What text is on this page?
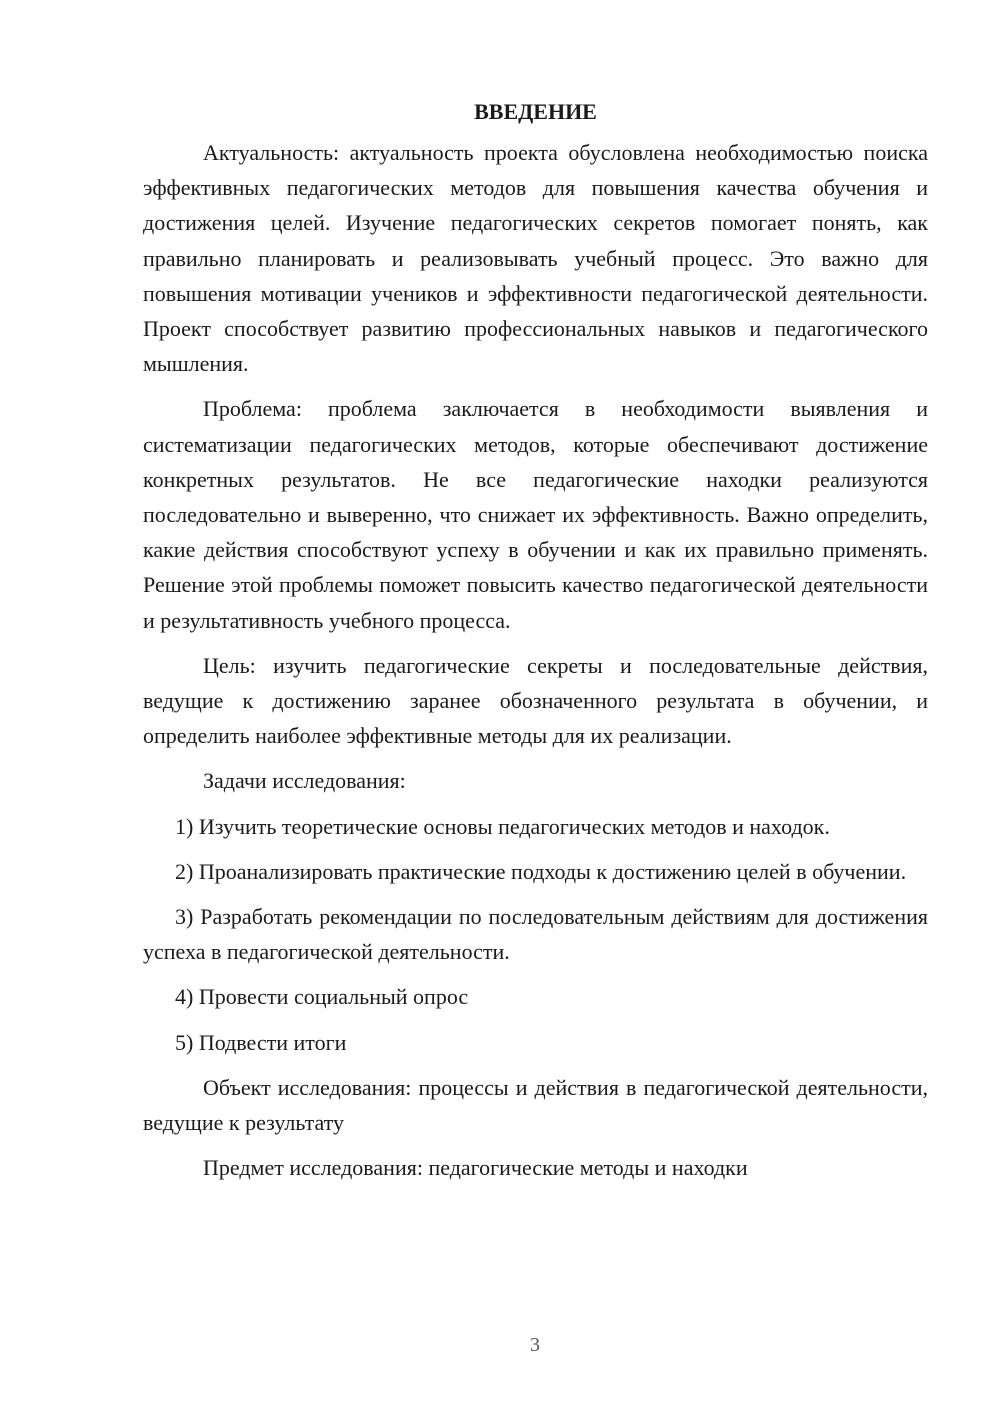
ВВЕДЕНИЕ

Актуальность: актуальность проекта обусловлена необходимостью поиска эффективных педагогических методов для повышения качества обучения и достижения целей. Изучение педагогических секретов помогает понять, как правильно планировать и реализовывать учебный процесс. Это важно для повышения мотивации учеников и эффективности педагогической деятельности. Проект способствует развитию профессиональных навыков и педагогического мышления.

Проблема: проблема заключается в необходимости выявления и систематизации педагогических методов, которые обеспечивают достижение конкретных результатов. Не все педагогические находки реализуются последовательно и выверенно, что снижает их эффективность. Важно определить, какие действия способствуют успеху в обучении и как их правильно применять. Решение этой проблемы поможет повысить качество педагогической деятельности и результативность учебного процесса.

Цель: изучить педагогические секреты и последовательные действия, ведущие к достижению заранее обозначенного результата в обучении, и определить наиболее эффективные методы для их реализации.

Задачи исследования:

1) Изучить теоретические основы педагогических методов и находок.

2) Проанализировать практические подходы к достижению целей в обучении.

3) Разработать рекомендации по последовательным действиям для достижения успеха в педагогической деятельности.

4) Провести социальный опрос

5) Подвести итоги

Объект исследования: процессы и действия в педагогической деятельности, ведущие к результату

Предмет исследования: педагогические методы и находки

3
